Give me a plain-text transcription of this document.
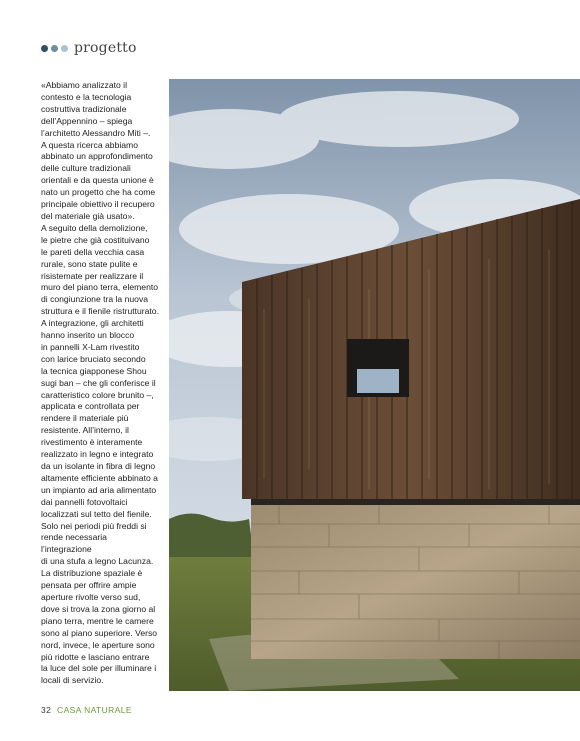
progetto
«Abbiamo analizzato il
contesto e la tecnologia
costruttiva tradizionale
dell’Appennino – spiega
l’architetto Alessandro Miti –.
A questa ricerca abbiamo
abbinato un approfondimento
delle culture tradizionali
orientali e da questa unione è
nato un progetto che ha come
principale obiettivo il recupero
del materiale già usato».
A seguito della demolizione,
le pietre che già costituivano
le pareti della vecchia casa
rurale, sono state pulite e
risistemate per realizzare il
muro del piano terra, elemento
di congiunzione tra la nuova
struttura e il fienile ristrutturato.
A integrazione, gli architetti
hanno inserito un blocco
in pannelli X-Lam rivestito
con larice bruciato secondo
la tecnica giapponese Shou
sugi ban – che gli conferisce il
caratteristico colore brunito –,
applicata e controllata per
rendere il materiale più
resistente. All’interno, il
rivestimento è interamente
realizzato in legno e integrato
da un isolante in fibra di legno
altamente efficiente abbinato a
un impianto ad aria alimentato
dai pannelli fotovoltaici
localizzati sul tetto del fienile.
Solo nei periodi più freddi si
rende necessaria l’integrazione
di una stufa a legno Lacunza.
La distribuzione spaziale è
pensata per offrire ampie
aperture rivolte verso sud,
dove si trova la zona giorno al
piano terra, mentre le camere
sono al piano superiore. Verso
nord, invece, le aperture sono
più ridotte e lasciano entrare
la luce del sole per illuminare i
locali di servizio.
32 CASA NATURALE
